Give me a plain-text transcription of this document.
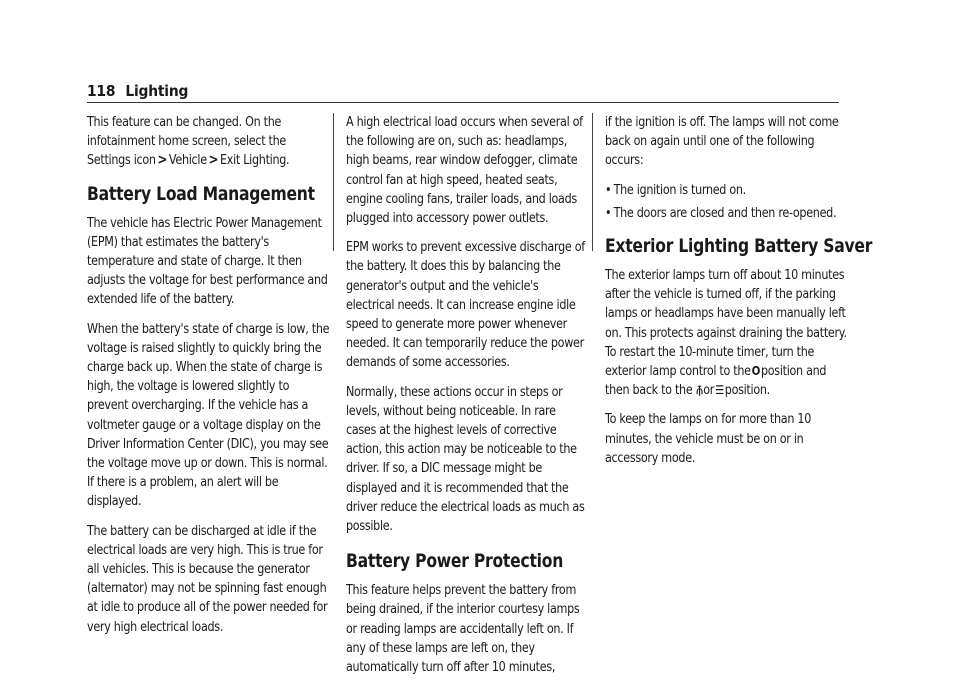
118 Lighting

This feature can be changed. On the infotainment home screen, select the Settings icon > Vehicle > Exit Lighting.

Battery Load Management

The vehicle has Electric Power Management (EPM) that estimates the battery's temperature and state of charge. It then adjusts the voltage for best performance and extended life of the battery.

When the battery's state of charge is low, the voltage is raised slightly to quickly bring the charge back up. When the state of charge is high, the voltage is lowered slightly to prevent overcharging. If the vehicle has a voltmeter gauge or a voltage display on the Driver Information Center (DIC), you may see the voltage move up or down. This is normal. If there is a problem, an alert will be displayed.

The battery can be discharged at idle if the electrical loads are very high. This is true for all vehicles. This is because the generator (alternator) may not be spinning fast enough at idle to produce all of the power needed for very high electrical loads.

A high electrical load occurs when several of the following are on, such as: headlamps, high beams, rear window defogger, climate control fan at high speed, heated seats, engine cooling fans, trailer loads, and loads plugged into accessory power outlets.

EPM works to prevent excessive discharge of the battery. It does this by balancing the generator's output and the vehicle's electrical needs. It can increase engine idle speed to generate more power whenever needed. It can temporarily reduce the power demands of some accessories.

Normally, these actions occur in steps or levels, without being noticeable. In rare cases at the highest levels of corrective action, this action may be noticeable to the driver. If so, a DIC message might be displayed and it is recommended that the driver reduce the electrical loads as much as possible.

Battery Power Protection

This feature helps prevent the battery from being drained, if the interior courtesy lamps or reading lamps are accidentally left on. If any of these lamps are left on, they automatically turn off after 10 minutes,

if the ignition is off. The lamps will not come back on again until one of the following occurs:

• The ignition is turned on.
• The doors are closed and then re-opened.
Exterior Lighting Battery Saver

The exterior lamps turn off about 10 minutes after the vehicle is turned off, if the parking lamps or headlamps have been manually left on. This protects against draining the battery. To restart the 10-minute timer, turn the exterior lamp control to theOposition and then back to the ⫚or☰position.

To keep the lamps on for more than 10 minutes, the vehicle must be on or in accessory mode.
